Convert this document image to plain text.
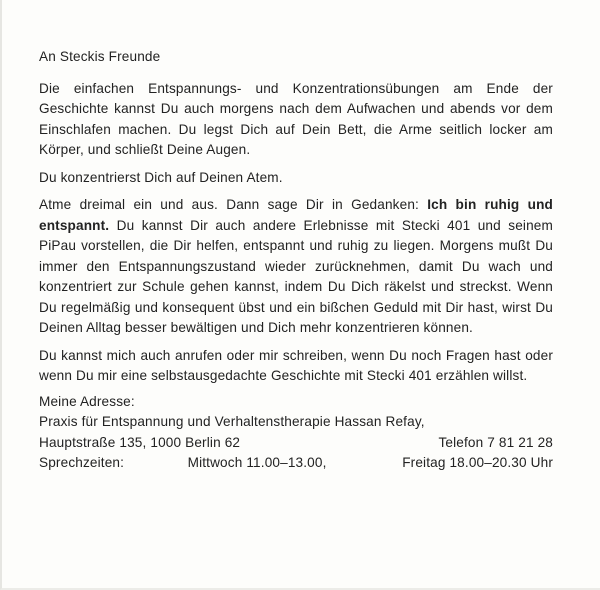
An Steckis Freunde

Die einfachen Entspannungs- und Konzentrationsübungen am Ende der Geschichte kannst Du auch morgens nach dem Aufwachen und abends vor dem Einschlafen machen. Du legst Dich auf Dein Bett, die Arme seitlich locker am Körper, und schließt Deine Augen.

Du konzentrierst Dich auf Deinen Atem.

Atme dreimal ein und aus. Dann sage Dir in Gedanken: Ich bin ruhig und entspannt. Du kannst Dir auch andere Erlebnisse mit Stecki 401 und seinem PiPau vorstellen, die Dir helfen, entspannt und ruhig zu liegen. Morgens mußt Du immer den Entspannungszustand wieder zurücknehmen, damit Du wach und konzentriert zur Schule gehen kannst, indem Du Dich räkelst und streckst. Wenn Du regelmäßig und konsequent übst und ein bißchen Geduld mit Dir hast, wirst Du Deinen Alltag besser bewältigen und Dich mehr konzentrieren können.

Du kannst mich auch anrufen oder mir schreiben, wenn Du noch Fragen hast oder wenn Du mir eine selbstausgedachte Geschichte mit Stecki 401 erzählen willst.

Meine Adresse:
Praxis für Entspannung und Verhaltenstherapie Hassan Refay,
Hauptstraße 135, 1000 Berlin 62	Telefon 7 81 21 28
Sprechzeiten:	Mittwoch 11.00–13.00,	Freitag 18.00–20.30 Uhr
